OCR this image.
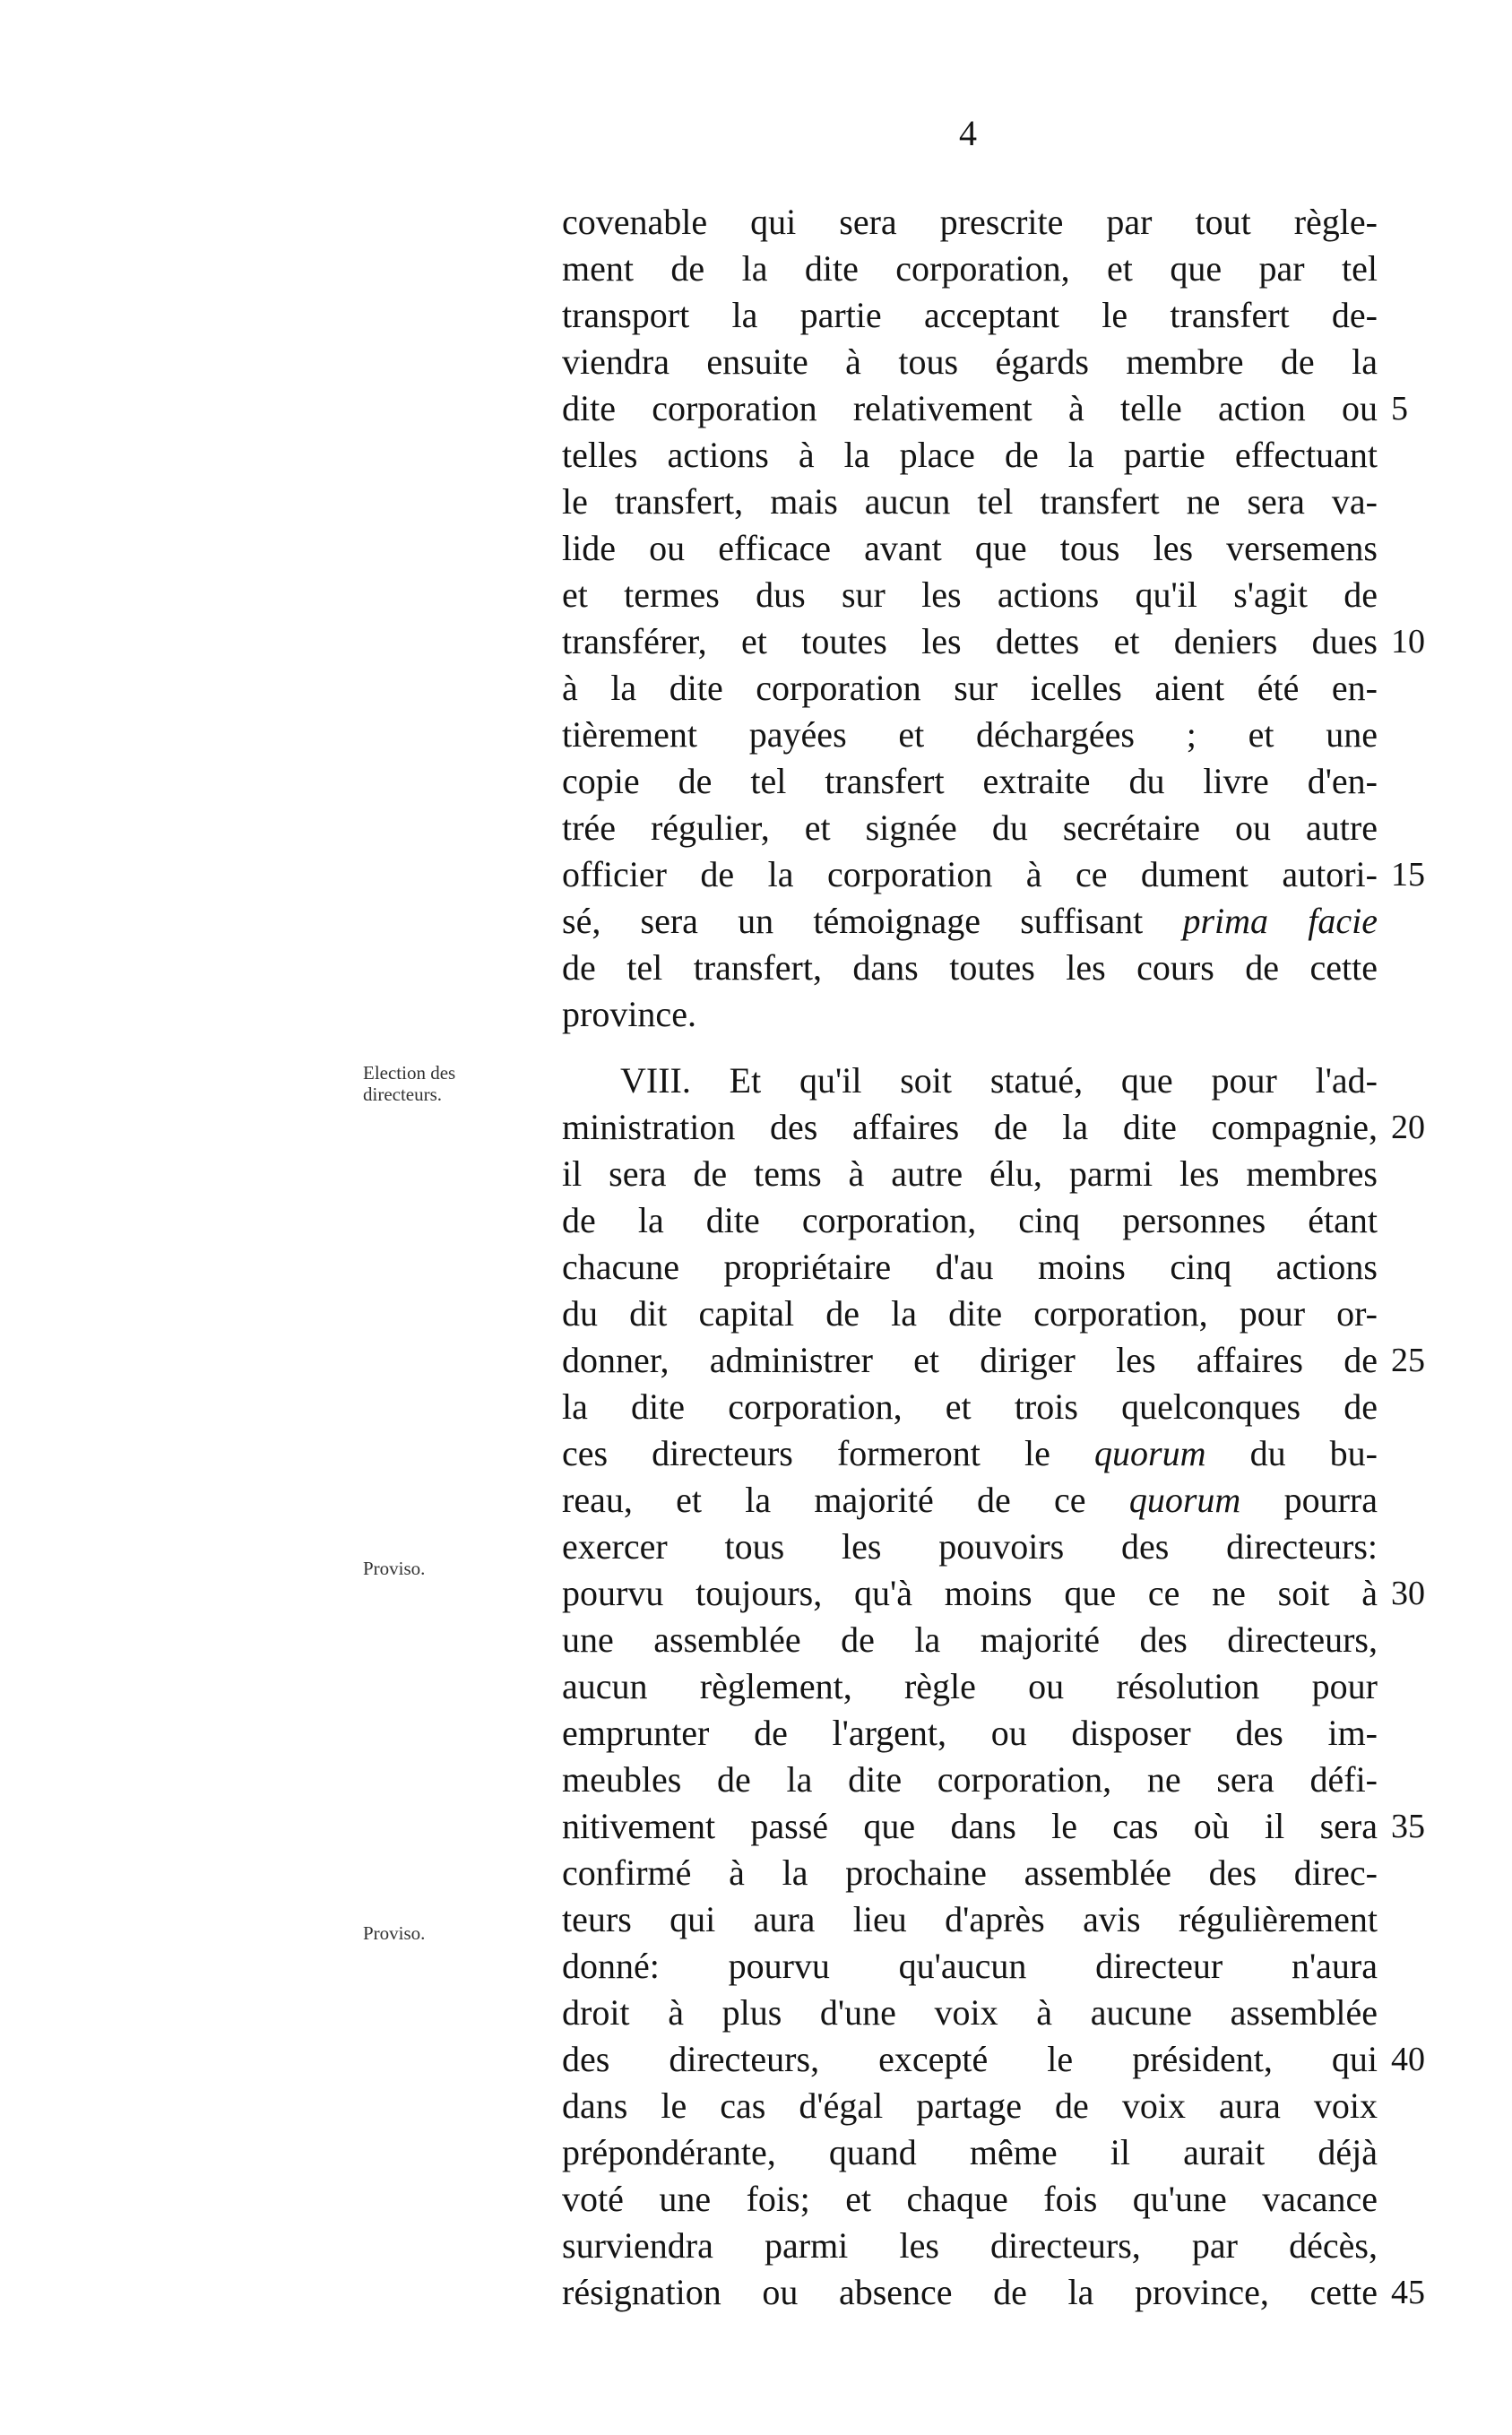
4
Election des directeurs.
Proviso.
Proviso.
covenable qui sera prescrite par tout règle-
ment de la dite corporation, et que par tel
transport la partie acceptant le transfert de-
viendra ensuite à tous égards membre de la
dite corporation relativement à telle action ou
telles actions à la place de la partie effectuant
le transfert, mais aucun tel transfert ne sera va-
lide ou efficace avant que tous les versemens
et termes dus sur les actions qu'il s'agit de
transférer, et toutes les dettes et deniers dues
à la dite corporation sur icelles aient été en-
tièrement payées et déchargées ; et une
copie de tel transfert extraite du livre d'en-
trée régulier, et signée du secrétaire ou autre
officier de la corporation à ce dument autori-
sé, sera un témoignage suffisant prima facie
de tel transfert, dans toutes les cours de cette
province.
VIII. Et qu'il soit statué, que pour l'ad-
ministration des affaires de la dite compagnie,
il sera de tems à autre élu, parmi les membres
de la dite corporation, cinq personnes étant
chacune propriétaire d'au moins cinq actions
du dit capital de la dite corporation, pour or-
donner, administrer et diriger les affaires de
la dite corporation, et trois quelconques de
ces directeurs formeront le quorum du bu-
reau, et la majorité de ce quorum pourra
exercer tous les pouvoirs des directeurs:
pourvu toujours, qu'à moins que ce ne soit à
une assemblée de la majorité des directeurs,
aucun règlement, règle ou résolution pour
emprunter de l'argent, ou disposer des im-
meubles de la dite corporation, ne sera défi-
nitivement passé que dans le cas où il sera
confirmé à la prochaine assemblée des direc-
teurs qui aura lieu d'après avis régulièrement
donné: pourvu qu'aucun directeur n'aura
droit à plus d'une voix à aucune assemblée
des directeurs, excepté le président, qui
dans le cas d'égal partage de voix aura voix
prépondérante, quand même il aurait déjà
voté une fois; et chaque fois qu'une vacance
surviendra parmi les directeurs, par décès,
résignation ou absence de la province, cette
5
10
15
20
25
30
35
40
45
